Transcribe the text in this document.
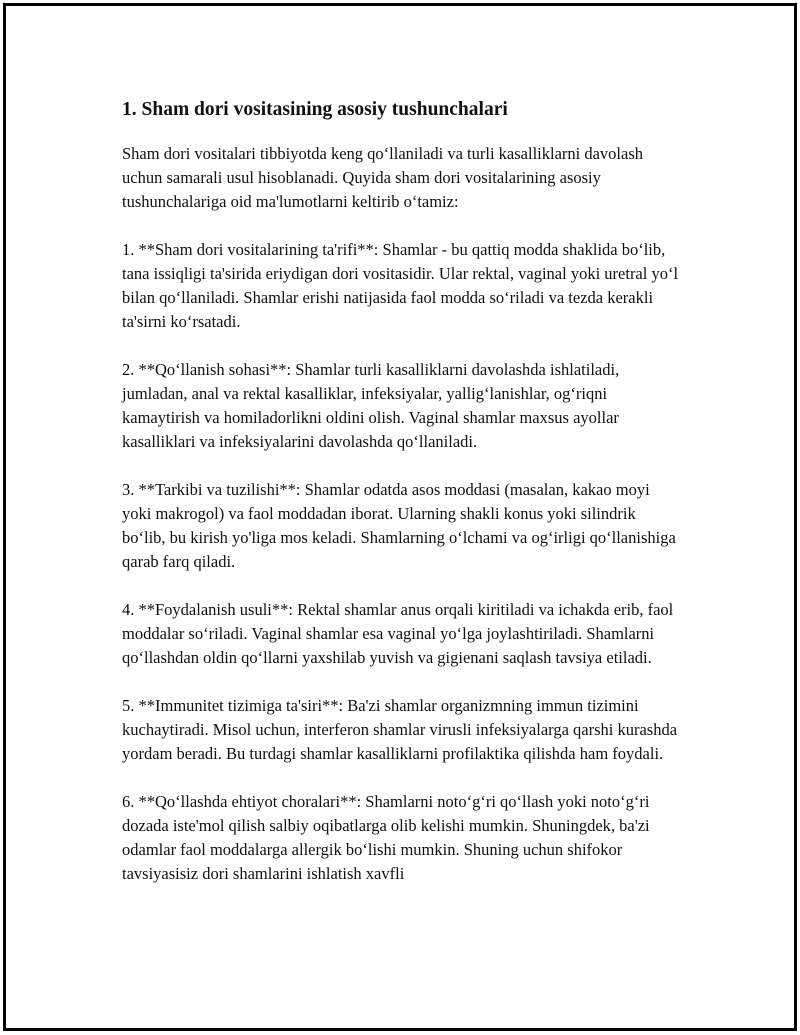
1. Sham dori vositasining asosiy tushunchalari

Sham dori vositalari tibbiyotda keng qo‘llaniladi va turli kasalliklarni davolash uchun samarali usul hisoblanadi. Quyida sham dori vositalarining asosiy tushunchalariga oid ma'lumotlarni keltirib o‘tamiz:

1. **Sham dori vositalarining ta'rifi**: Shamlar - bu qattiq modda shaklida bo‘lib, tana issiqligi ta'sirida eriydigan dori vositasidir. Ular rektal, vaginal yoki uretral yo‘l bilan qo‘llaniladi. Shamlar erishi natijasida faol modda so‘riladi va tezda kerakli ta'sirni ko‘rsatadi.

2. **Qo‘llanish sohasi**: Shamlar turli kasalliklarni davolashda ishlatiladi, jumladan, anal va rektal kasalliklar, infeksiyalar, yallig‘lanishlar, og‘riqni kamaytirish va homiladorlikni oldini olish. Vaginal shamlar maxsus ayollar kasalliklari va infeksiyalarini davolashda qo‘llaniladi.

3. **Tarkibi va tuzilishi**: Shamlar odatda asos moddasi (masalan, kakao moyi yoki makrogol) va faol moddadan iborat. Ularning shakli konus yoki silindrik bo‘lib, bu kirish yo'liga mos keladi. Shamlarning o‘lchami va og‘irligi qo‘llanishiga qarab farq qiladi.

4. **Foydalanish usuli**: Rektal shamlar anus orqali kiritiladi va ichakda erib, faol moddalar so‘riladi. Vaginal shamlar esa vaginal yo‘lga joylashtiriladi. Shamlarni qo‘llashdan oldin qo‘llarni yaxshilab yuvish va gigienani saqlash tavsiya etiladi.

5. **Immunitet tizimiga ta'siri**: Ba'zi shamlar organizmning immun tizimini kuchaytiradi. Misol uchun, interferon shamlar virusli infeksiyalarga qarshi kurashda yordam beradi. Bu turdagi shamlar kasalliklarni profilaktika qilishda ham foydali.

6. **Qo‘llashda ehtiyot choralari**: Shamlarni noto‘g‘ri qo‘llash yoki noto‘g‘ri dozada iste'mol qilish salbiy oqibatlarga olib kelishi mumkin. Shuningdek, ba'zi odamlar faol moddalarga allergik bo‘lishi mumkin. Shuning uchun shifokor tavsiyasisiz dori shamlarini ishlatish xavfli
